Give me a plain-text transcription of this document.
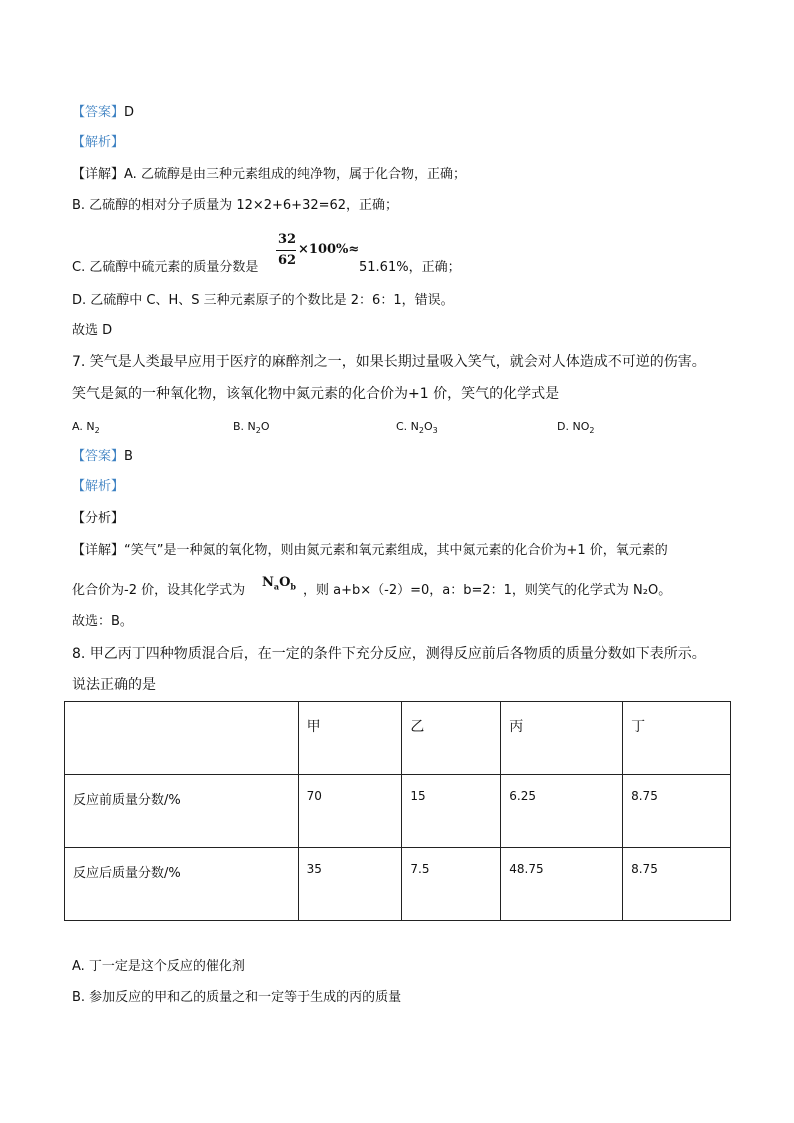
【答案】D
【解析】
【详解】A. 乙硫醇是由三种元素组成的纯净物，属于化合物，正确；
B. 乙硫醇的相对分子质量为 12×2+6+32=62，正确；
C. 乙硫醇中硫元素的质量分数是
32
62
×100%≈
51.61%，正确；
D. 乙硫醇中 C、H、S 三种元素原子的个数比是 2：6：1，错误。
故选 D
7. 笑气是人类最早应用于医疗的麻醉剂之一，如果长期过量吸入笑气，就会对人体造成不可逆的伤害。
笑气是氮的一种氧化物，该氧化物中氮元素的化合价为+1 价，笑气的化学式是
A. $N_2$	B. $N_2O$	C. $N_2O_3$	D. $NO_2$
【答案】B
【解析】
【分析】
【详解】“笑气”是一种氮的氧化物，则由氮元素和氧元素组成，其中氮元素的化合价为+1 价，氧元素的
化合价为-2 价，设其化学式为
$N_aO_b$ ，则 a+b×（-2）=0，a：b=2：1，则笑气的化学式为 N₂O。
故选：B。
8. 甲乙丙丁四种物质混合后，在一定的条件下充分反应，测得反应前后各物质的质量分数如下表所示。
说法正确的是
	甲	乙	丙	丁
反应前质量分数/%	70	15	6.25	8.75
反应后质量分数/%	35	7.5	48.75	8.75
A. 丁一定是这个反应的催化剂
B. 参加反应的甲和乙的质量之和一定等于生成的丙的质量
